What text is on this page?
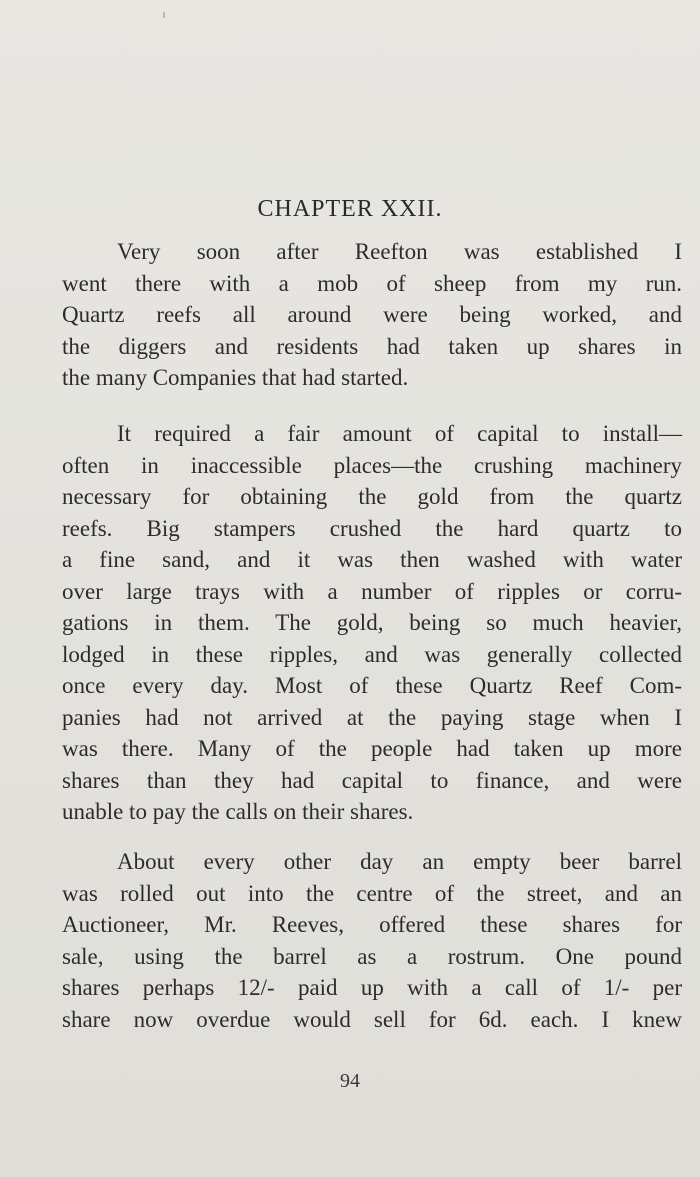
CHAPTER XXII.
Very soon after Reefton was established I
went there with a mob of sheep from my run.
Quartz reefs all around were being worked, and
the diggers and residents had taken up shares in
the many Companies that had started.
It required a fair amount of capital to install—
often in inaccessible places—the crushing machinery
necessary for obtaining the gold from the quartz
reefs. Big stampers crushed the hard quartz to
a fine sand, and it was then washed with water
over large trays with a number of ripples or corru-
gations in them. The gold, being so much heavier,
lodged in these ripples, and was generally collected
once every day. Most of these Quartz Reef Com-
panies had not arrived at the paying stage when I
was there. Many of the people had taken up more
shares than they had capital to finance, and were
unable to pay the calls on their shares.
About every other day an empty beer barrel
was rolled out into the centre of the street, and an
Auctioneer, Mr. Reeves, offered these shares for
sale, using the barrel as a rostrum. One pound
shares perhaps 12/- paid up with a call of 1/- per
share now overdue would sell for 6d. each. I knew
94
